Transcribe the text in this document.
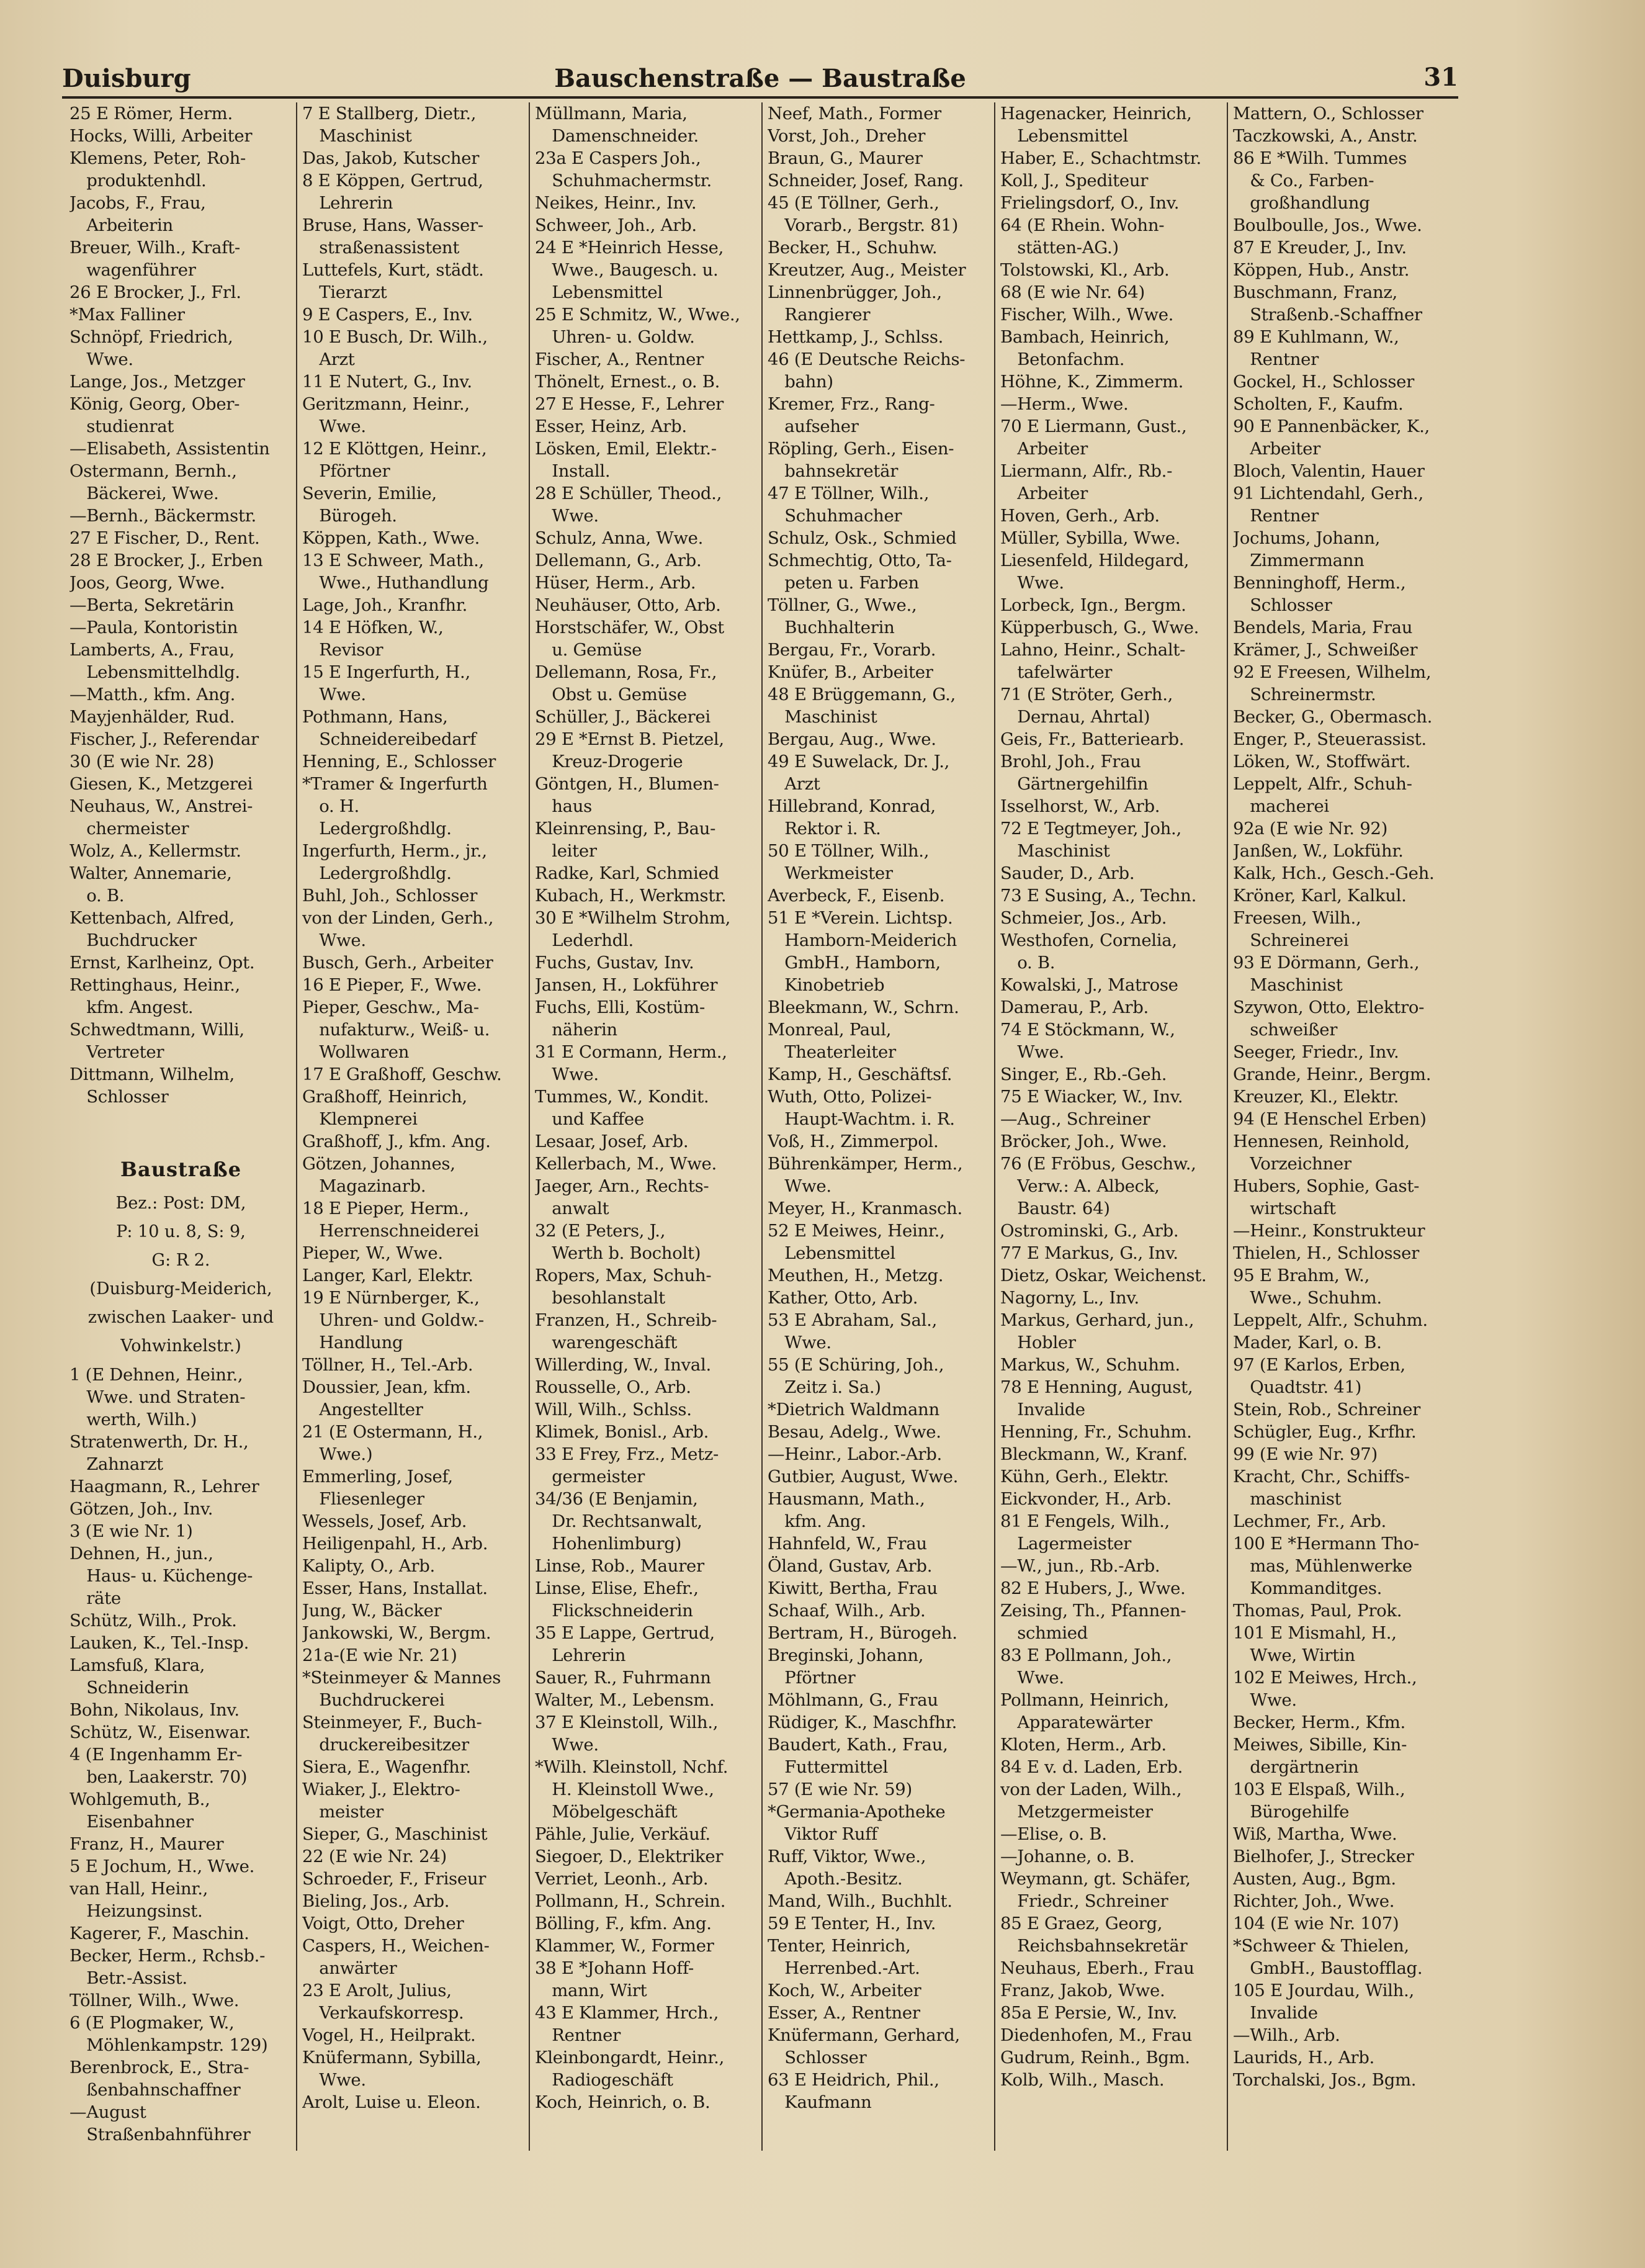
Duisburg	Bauschenstraße — Baustraße	31
25 E Römer, Herm.
Hocks, Willi, Arbeiter
Klemens, Peter, Roh-
 produktenhdl.
Jacobs, F., Frau,
 Arbeiterin
Breuer, Wilh., Kraft-
 wagenführer
26 E Brocker, J., Frl.
*Max Falliner
Schnöpf, Friedrich,
 Wwe.
Lange, Jos., Metzger
König, Georg, Ober-
 studienrat
—Elisabeth, Assistentin
Ostermann, Bernh.,
 Bäckerei, Wwe.
—Bernh., Bäckermstr.
27 E Fischer, D., Rent.
28 E Brocker, J., Erben
Joos, Georg, Wwe.
—Berta, Sekretärin
—Paula, Kontoristin
Lamberts, A., Frau,
 Lebensmittelhdlg.
—Matth., kfm. Ang.
Mayjenhälder, Rud.
Fischer, J., Referendar
30 (E wie Nr. 28)
Giesen, K., Metzgerei
Neuhaus, W., Anstrei-
 chermeister
Wolz, A., Kellermstr.
Walter, Annemarie,
 o. B.
Kettenbach, Alfred,
 Buchdrucker
Ernst, Karlheinz, Opt.
Rettinghaus, Heinr.,
 kfm. Angest.
Schwedtmann, Willi,
 Vertreter
Dittmann, Wilhelm,
 Schlosser
Baustraße
Bez.: Post: DM,
P: 10 u. 8, S: 9,
G: R 2.
(Duisburg-Meiderich,
zwischen Laaker- und
Vohwinkelstr.)
1 (E Dehnen, Heinr.,
 Wwe. und Straten-
 werth, Wilh.)
Stratenwerth, Dr. H.,
 Zahnarzt
Haagmann, R., Lehrer
Götzen, Joh., Inv.
3 (E wie Nr. 1)
Dehnen, H., jun.,
 Haus- u. Küchenge-
 räte
Schütz, Wilh., Prok.
Lauken, K., Tel.-Insp.
Lamsfuß, Klara,
 Schneiderin
Bohn, Nikolaus, Inv.
Schütz, W., Eisenwar.
4 (E Ingenhamm Er-
 ben, Laakerstr. 70)
Wohlgemuth, B.,
 Eisenbahner
Franz, H., Maurer
5 E Jochum, H., Wwe.
van Hall, Heinr.,
 Heizungsinst.
Kagerer, F., Maschin.
Becker, Herm., Rchsb.-
 Betr.-Assist.
Töllner, Wilh., Wwe.
6 (E Plogmaker, W.,
 Möhlenkampstr. 129)
Berenbrock, E., Stra-
 ßenbahnschaffner
—August
 Straßenbahnführer
7 E Stallberg, Dietr.,
 Maschinist
Das, Jakob, Kutscher
8 E Köppen, Gertrud,
 Lehrerin
Bruse, Hans, Wasser-
 straßenassistent
Luttefels, Kurt, städt.
 Tierarzt
9 E Caspers, E., Inv.
10 E Busch, Dr. Wilh.,
 Arzt
11 E Nutert, G., Inv.
Geritzmann, Heinr.,
 Wwe.
12 E Klöttgen, Heinr.,
 Pförtner
Severin, Emilie,
 Bürogeh.
Köppen, Kath., Wwe.
13 E Schweer, Math.,
 Wwe., Huthandlung
Lage, Joh., Kranfhr.
14 E Höfken, W.,
 Revisor
15 E Ingerfurth, H.,
 Wwe.
Pothmann, Hans,
 Schneidereibedarf
Henning, E., Schlosser
*Tramer & Ingerfurth
 o. H.
 Ledergroßhdlg.
Ingerfurth, Herm., jr.,
 Ledergroßhdlg.
Buhl, Joh., Schlosser
von der Linden, Gerh.,
 Wwe.
Busch, Gerh., Arbeiter
16 E Pieper, F., Wwe.
Pieper, Geschw., Ma-
 nufakturw., Weiß- u.
 Wollwaren
17 E Graßhoff, Geschw.
Graßhoff, Heinrich,
 Klempnerei
Graßhoff, J., kfm. Ang.
Götzen, Johannes,
 Magazinarb.
18 E Pieper, Herm.,
 Herrenschneiderei
Pieper, W., Wwe.
Langer, Karl, Elektr.
19 E Nürnberger, K.,
 Uhren- und Goldw.-
 Handlung
Töllner, H., Tel.-Arb.
Doussier, Jean, kfm.
 Angestellter
21 (E Ostermann, H.,
 Wwe.)
Emmerling, Josef,
 Fliesenleger
Wessels, Josef, Arb.
Heiligenpahl, H., Arb.
Kalipty, O., Arb.
Esser, Hans, Installat.
Jung, W., Bäcker
Jankowski, W., Bergm.
21a-(E wie Nr. 21)
*Steinmeyer & Mannes
 Buchdruckerei
Steinmeyer, F., Buch-
 druckereibesitzer
Siera, E., Wagenfhr.
Wiaker, J., Elektro-
 meister
Sieper, G., Maschinist
22 (E wie Nr. 24)
Schroeder, F., Friseur
Bieling, Jos., Arb.
Voigt, Otto, Dreher
Caspers, H., Weichen-
 anwärter
23 E Arolt, Julius,
 Verkaufskorresp.
Vogel, H., Heilprakt.
Knüfermann, Sybilla,
 Wwe.
Arolt, Luise u. Eleon.
Müllmann, Maria,
 Damenschneider.
23a E Caspers Joh.,
 Schuhmachermstr.
Neikes, Heinr., Inv.
Schweer, Joh., Arb.
24 E *Heinrich Hesse,
 Wwe., Baugesch. u.
 Lebensmittel
25 E Schmitz, W., Wwe.,
 Uhren- u. Goldw.
Fischer, A., Rentner
Thönelt, Ernest., o. B.
27 E Hesse, F., Lehrer
Esser, Heinz, Arb.
Lösken, Emil, Elektr.-
 Install.
28 E Schüller, Theod.,
 Wwe.
Schulz, Anna, Wwe.
Dellemann, G., Arb.
Hüser, Herm., Arb.
Neuhäuser, Otto, Arb.
Horstschäfer, W., Obst
 u. Gemüse
Dellemann, Rosa, Fr.,
 Obst u. Gemüse
Schüller, J., Bäckerei
29 E *Ernst B. Pietzel,
 Kreuz-Drogerie
Göntgen, H., Blumen-
 haus
Kleinrensing, P., Bau-
 leiter
Radke, Karl, Schmied
Kubach, H., Werkmstr.
30 E *Wilhelm Strohm,
 Lederhdl.
Fuchs, Gustav, Inv.
Jansen, H., Lokführer
Fuchs, Elli, Kostüm-
 näherin
31 E Cormann, Herm.,
 Wwe.
Tummes, W., Kondit.
 und Kaffee
Lesaar, Josef, Arb.
Kellerbach, M., Wwe.
Jaeger, Arn., Rechts-
 anwalt
32 (E Peters, J.,
 Werth b. Bocholt)
Ropers, Max, Schuh-
 besohlanstalt
Franzen, H., Schreib-
 warengeschäft
Willerding, W., Inval.
Rousselle, O., Arb.
Will, Wilh., Schlss.
Klimek, Bonisl., Arb.
33 E Frey, Frz., Metz-
 germeister
34/36 (E Benjamin,
 Dr. Rechtsanwalt,
 Hohenlimburg)
Linse, Rob., Maurer
Linse, Elise, Ehefr.,
 Flickschneiderin
35 E Lappe, Gertrud,
 Lehrerin
Sauer, R., Fuhrmann
Walter, M., Lebensm.
37 E Kleinstoll, Wilh.,
 Wwe.
*Wilh. Kleinstoll, Nchf.
 H. Kleinstoll Wwe.,
 Möbelgeschäft
Pähle, Julie, Verkäuf.
Siegoer, D., Elektriker
Verriet, Leonh., Arb.
Pollmann, H., Schrein.
Bölling, F., kfm. Ang.
Klammer, W., Former
38 E *Johann Hoff-
 mann, Wirt
43 E Klammer, Hrch.,
 Rentner
Kleinbongardt, Heinr.,
 Radiogeschäft
Koch, Heinrich, o. B.
Neef, Math., Former
Vorst, Joh., Dreher
Braun, G., Maurer
Schneider, Josef, Rang.
45 (E Töllner, Gerh.,
 Vorarb., Bergstr. 81)
Becker, H., Schuhw.
Kreutzer, Aug., Meister
Linnenbrügger, Joh.,
 Rangierer
Hettkamp, J., Schlss.
46 (E Deutsche Reichs-
 bahn)
Kremer, Frz., Rang-
 aufseher
Röpling, Gerh., Eisen-
 bahnsekretär
47 E Töllner, Wilh.,
 Schuhmacher
Schulz, Osk., Schmied
Schmechtig, Otto, Ta-
 peten u. Farben
Töllner, G., Wwe.,
 Buchhalterin
Bergau, Fr., Vorarb.
Knüfer, B., Arbeiter
48 E Brüggemann, G.,
 Maschinist
Bergau, Aug., Wwe.
49 E Suwelack, Dr. J.,
 Arzt
Hillebrand, Konrad,
 Rektor i. R.
50 E Töllner, Wilh.,
 Werkmeister
Averbeck, F., Eisenb.
51 E *Verein. Lichtsp.
 Hamborn-Meiderich
 GmbH., Hamborn,
 Kinobetrieb
Bleekmann, W., Schrn.
Monreal, Paul,
 Theaterleiter
Kamp, H., Geschäftsf.
Wuth, Otto, Polizei-
 Haupt-Wachtm. i. R.
Voß, H., Zimmerpol.
Bührenkämper, Herm.,
 Wwe.
Meyer, H., Kranmasch.
52 E Meiwes, Heinr.,
 Lebensmittel
Meuthen, H., Metzg.
Kather, Otto, Arb.
53 E Abraham, Sal.,
 Wwe.
55 (E Schüring, Joh.,
 Zeitz i. Sa.)
*Dietrich Waldmann
Besau, Adelg., Wwe.
—Heinr., Labor.-Arb.
Gutbier, August, Wwe.
Hausmann, Math.,
 kfm. Ang.
Hahnfeld, W., Frau
Öland, Gustav, Arb.
Kiwitt, Bertha, Frau
Schaaf, Wilh., Arb.
Bertram, H., Bürogeh.
Breginski, Johann,
 Pförtner
Möhlmann, G., Frau
Rüdiger, K., Maschfhr.
Baudert, Kath., Frau,
 Futtermittel
57 (E wie Nr. 59)
*Germania-Apotheke
 Viktor Ruff
Ruff, Viktor, Wwe.,
 Apoth.-Besitz.
Mand, Wilh., Buchhlt.
59 E Tenter, H., Inv.
Tenter, Heinrich,
 Herrenbed.-Art.
Koch, W., Arbeiter
Esser, A., Rentner
Knüfermann, Gerhard,
 Schlosser
63 E Heidrich, Phil.,
 Kaufmann
Hagenacker, Heinrich,
 Lebensmittel
Haber, E., Schachtmstr.
Koll, J., Spediteur
Frielingsdorf, O., Inv.
64 (E Rhein. Wohn-
 stätten-AG.)
Tolstowski, Kl., Arb.
68 (E wie Nr. 64)
Fischer, Wilh., Wwe.
Bambach, Heinrich,
 Betonfachm.
Höhne, K., Zimmerm.
—Herm., Wwe.
70 E Liermann, Gust.,
 Arbeiter
Liermann, Alfr., Rb.-
 Arbeiter
Hoven, Gerh., Arb.
Müller, Sybilla, Wwe.
Liesenfeld, Hildegard,
 Wwe.
Lorbeck, Ign., Bergm.
Küpperbusch, G., Wwe.
Lahno, Heinr., Schalt-
 tafelwärter
71 (E Ströter, Gerh.,
 Dernau, Ahrtal)
Geis, Fr., Batteriearb.
Brohl, Joh., Frau
 Gärtnergehilfin
Isselhorst, W., Arb.
72 E Tegtmeyer, Joh.,
 Maschinist
Sauder, D., Arb.
73 E Susing, A., Techn.
Schmeier, Jos., Arb.
Westhofen, Cornelia,
 o. B.
Kowalski, J., Matrose
Damerau, P., Arb.
74 E Stöckmann, W.,
 Wwe.
Singer, E., Rb.-Geh.
75 E Wiacker, W., Inv.
—Aug., Schreiner
Bröcker, Joh., Wwe.
76 (E Fröbus, Geschw.,
 Verw.: A. Albeck,
 Baustr. 64)
Ostrominski, G., Arb.
77 E Markus, G., Inv.
Dietz, Oskar, Weichenst.
Nagorny, L., Inv.
Markus, Gerhard, jun.,
 Hobler
Markus, W., Schuhm.
78 E Henning, August,
 Invalide
Henning, Fr., Schuhm.
Bleckmann, W., Kranf.
Kühn, Gerh., Elektr.
Eickvonder, H., Arb.
81 E Fengels, Wilh.,
 Lagermeister
—W., jun., Rb.-Arb.
82 E Hubers, J., Wwe.
Zeising, Th., Pfannen-
 schmied
83 E Pollmann, Joh.,
 Wwe.
Pollmann, Heinrich,
 Apparatewärter
Kloten, Herm., Arb.
84 E v. d. Laden, Erb.
von der Laden, Wilh.,
 Metzgermeister
—Elise, o. B.
—Johanne, o. B.
Weymann, gt. Schäfer,
 Friedr., Schreiner
85 E Graez, Georg,
 Reichsbahnsekretär
Neuhaus, Eberh., Frau
Franz, Jakob, Wwe.
85a E Persie, W., Inv.
Diedenhofen, M., Frau
Gudrum, Reinh., Bgm.
Kolb, Wilh., Masch.
Mattern, O., Schlosser
Taczkowski, A., Anstr.
86 E *Wilh. Tummes
 & Co., Farben-
 großhandlung
Boulboulle, Jos., Wwe.
87 E Kreuder, J., Inv.
Köppen, Hub., Anstr.
Buschmann, Franz,
 Straßenb.-Schaffner
89 E Kuhlmann, W.,
 Rentner
Gockel, H., Schlosser
Scholten, F., Kaufm.
90 E Pannenbäcker, K.,
 Arbeiter
Bloch, Valentin, Hauer
91 Lichtendahl, Gerh.,
 Rentner
Jochums, Johann,
 Zimmermann
Benninghoff, Herm.,
 Schlosser
Bendels, Maria, Frau
Krämer, J., Schweißer
92 E Freesen, Wilhelm,
 Schreinermstr.
Becker, G., Obermasch.
Enger, P., Steuerassist.
Löken, W., Stoffwärt.
Leppelt, Alfr., Schuh-
 macherei
92a (E wie Nr. 92)
Janßen, W., Lokführ.
Kalk, Hch., Gesch.-Geh.
Kröner, Karl, Kalkul.
Freesen, Wilh.,
 Schreinerei
93 E Dörmann, Gerh.,
 Maschinist
Szywon, Otto, Elektro-
 schweißer
Seeger, Friedr., Inv.
Grande, Heinr., Bergm.
Kreuzer, Kl., Elektr.
94 (E Henschel Erben)
Hennesen, Reinhold,
 Vorzeichner
Hubers, Sophie, Gast-
 wirtschaft
—Heinr., Konstrukteur
Thielen, H., Schlosser
95 E Brahm, W.,
 Wwe., Schuhm.
Leppelt, Alfr., Schuhm.
Mader, Karl, o. B.
97 (E Karlos, Erben,
 Quadtstr. 41)
Stein, Rob., Schreiner
Schügler, Eug., Krfhr.
99 (E wie Nr. 97)
Kracht, Chr., Schiffs-
 maschinist
Lechmer, Fr., Arb.
100 E *Hermann Tho-
 mas, Mühlenwerke
 Kommanditges.
Thomas, Paul, Prok.
101 E Mismahl, H.,
 Wwe, Wirtin
102 E Meiwes, Hrch.,
 Wwe.
Becker, Herm., Kfm.
Meiwes, Sibille, Kin-
 dergärtnerin
103 E Elspaß, Wilh.,
 Bürogehilfe
Wiß, Martha, Wwe.
Bielhofer, J., Strecker
Austen, Aug., Bgm.
Richter, Joh., Wwe.
104 (E wie Nr. 107)
*Schweer & Thielen,
 GmbH., Baustofflag.
105 E Jourdau, Wilh.,
 Invalide
—Wilh., Arb.
Laurids, H., Arb.
Torchalski, Jos., Bgm.
